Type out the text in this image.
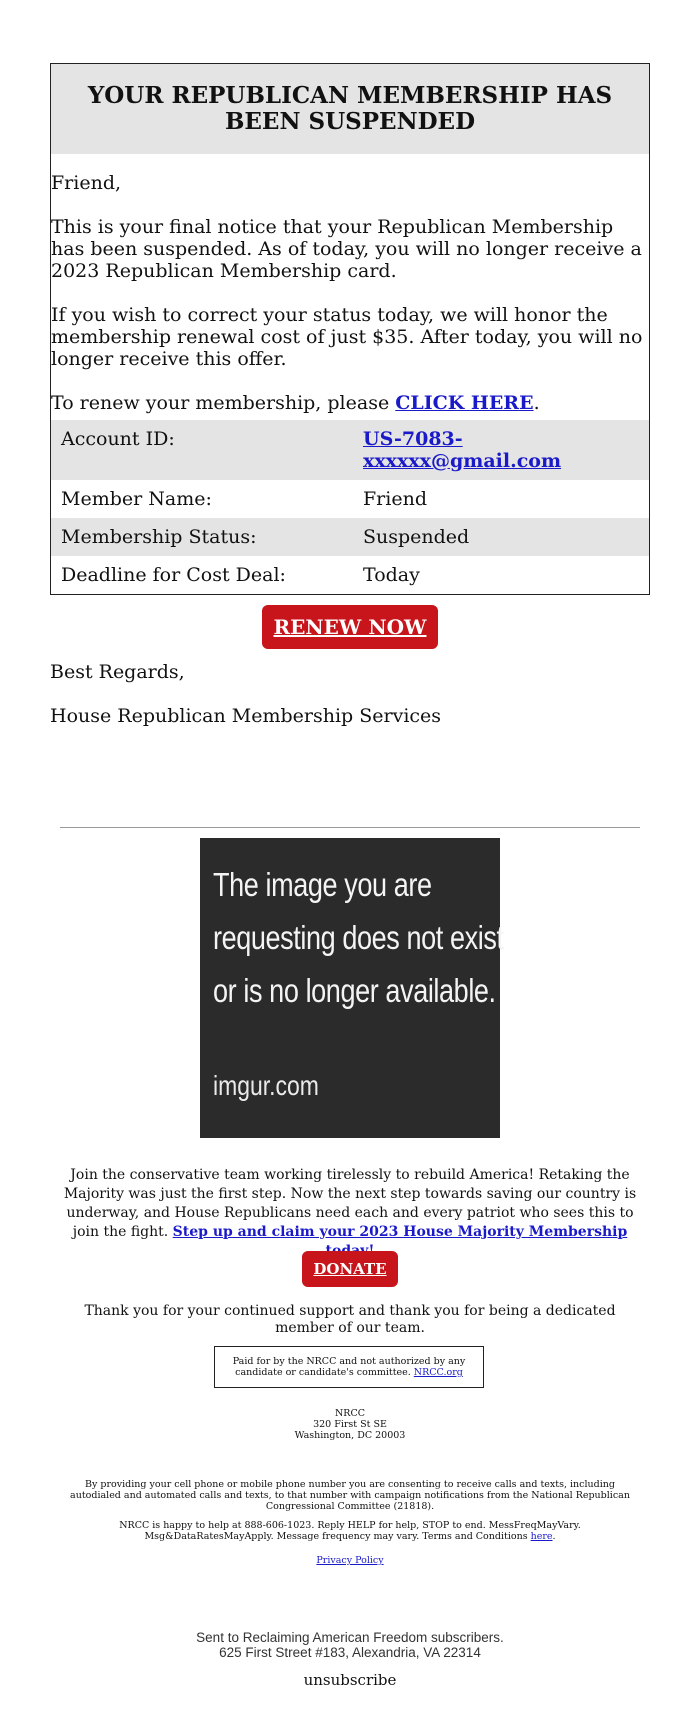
YOUR REPUBLICAN MEMBERSHIP HAS BEEN SUSPENDED

Friend,

This is your final notice that your Republican Membership has been suspended. As of today, you will no longer receive a 2023 Republican Membership card.

If you wish to correct your status today, we will honor the membership renewal cost of just $35. After today, you will no longer receive this offer.

To renew your membership, please CLICK HERE.

Account ID:	US-7083-xxxxxx@gmail.com
Member Name:	Friend
Membership Status:	Suspended
Deadline for Cost Deal:	Today
RENEW NOW

Best Regards,

House Republican Membership Services

The image you are
requesting does not exist
or is no longer available.
imgur.com
Join the conservative team working tirelessly to rebuild America! Retaking the Majority was just the first step. Now the next step towards saving our country is underway, and House Republicans need each and every patriot who sees this to join the fight. Step up and claim your 2023 House Majority Membership
DONATE
Thank you for your continued support and thank you for being a dedicated member of our team.
Paid for by the NRCC and not authorized by any candidate or candidate's committee. NRCC.org
NRCC
320 First St SE
Washington, DC 20003

By providing your cell phone or mobile phone number you are consenting to receive calls and texts, including autodialed and automated calls and texts, to that number with campaign notifications from the National Republican Congressional Committee (21818).

NRCC is happy to help at 888-606-1023. Reply HELP for help, STOP to end. MessFreqMayVary. Msg&DataRatesMayApply. Message frequency may vary. Terms and Conditions here.

Privacy Policy

Sent to Reclaiming American Freedom subscribers.
625 First Street #183, Alexandria, VA 22314
unsubscribe
